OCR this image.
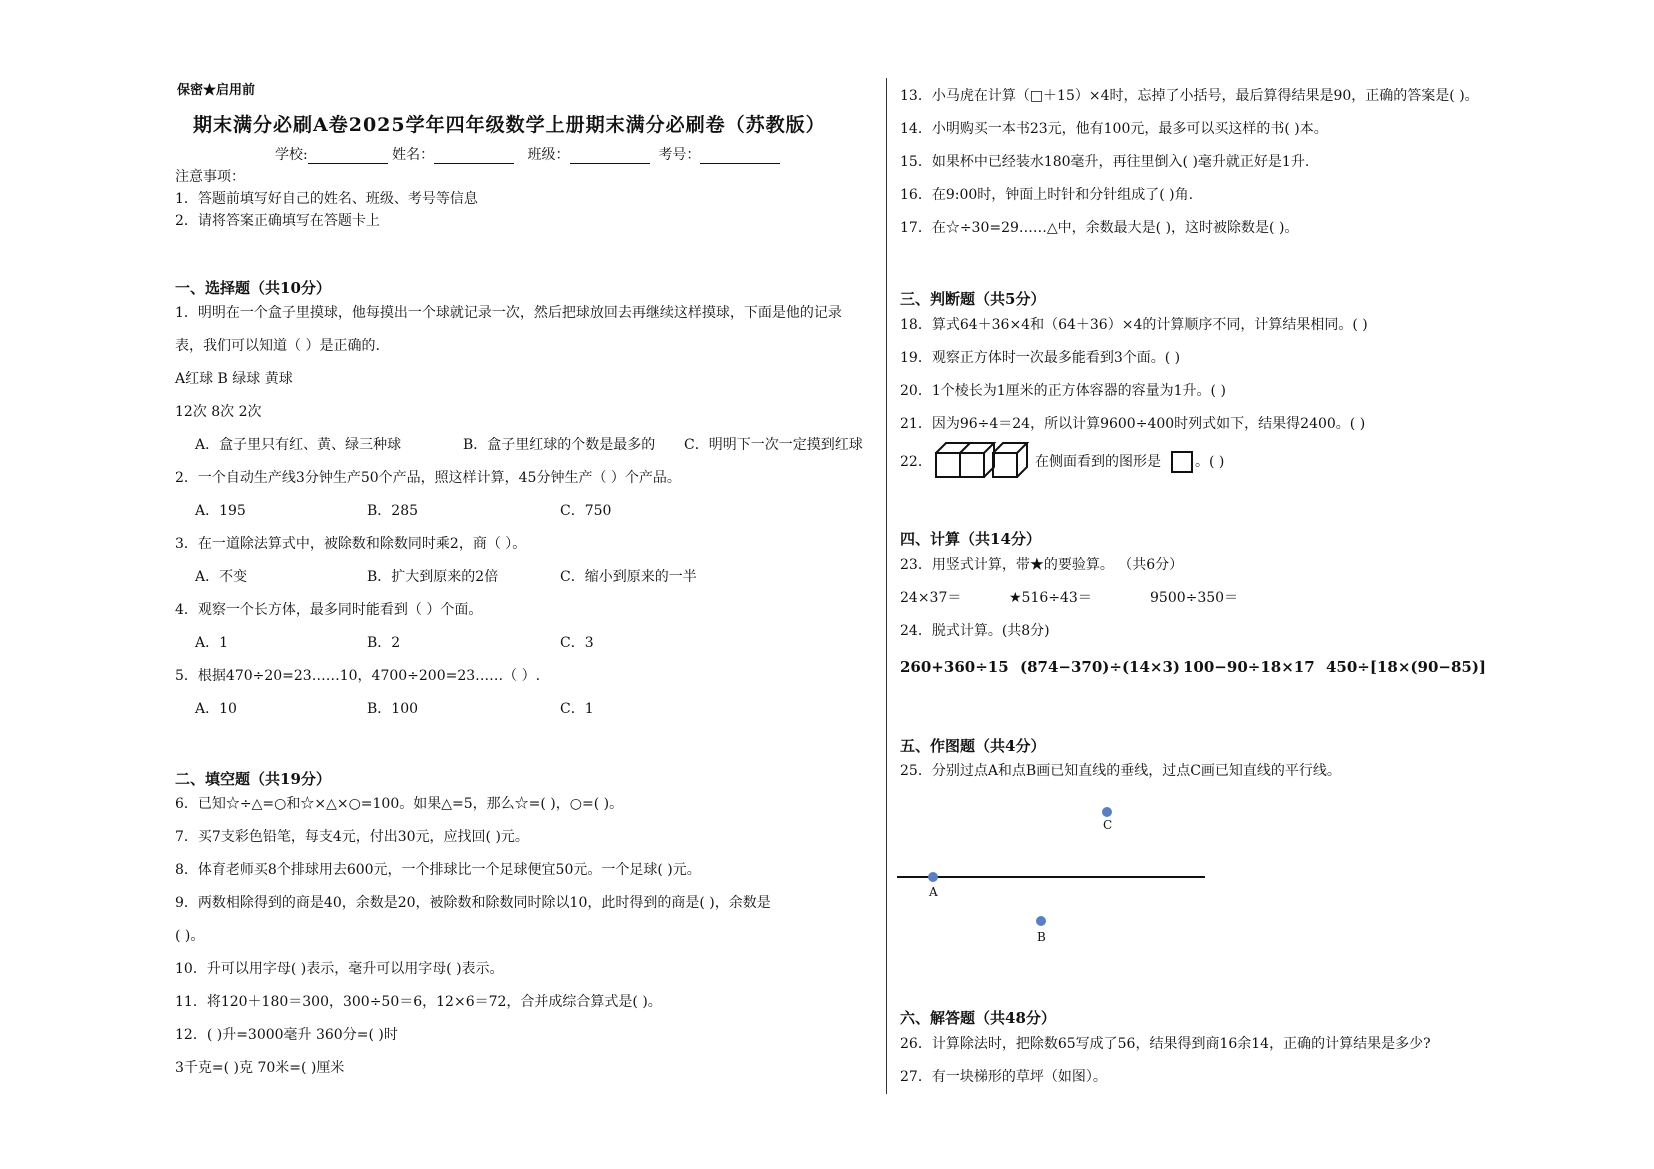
保密★启用前
期末满分必刷A卷2025学年四年级数学上册期末满分必刷卷（苏教版）
学校:	姓名：	班级：	考号：
注意事项：
1．答题前填写好自己的姓名、班级、考号等信息
2．请将答案正确填写在答题卡上
一、选择题（共10分）
1．明明在一个盒子里摸球，他每摸出一个球就记录一次，然后把球放回去再继续这样摸球，下面是他的记录
表，我们可以知道（ ）是正确的.
A红球 B 绿球 黄球
12次 8次 2次
A．盒子里只有红、黄、绿三种球	B．盒子里红球的个数是最多的 C．明明下一次一定摸到红球
2．一个自动生产线3分钟生产50个产品，照这样计算，45分钟生产（ ）个产品。
A．195	B．285	C．750
3．在一道除法算式中，被除数和除数同时乘2，商（ ）。
A．不变	B．扩大到原来的2倍	C．缩小到原来的一半
4．观察一个长方体，最多同时能看到（ ）个面。
A．1	B．2	C．3
5．根据470÷20=23……10，4700÷200=23……（ ）.
A．10	B．100	C．1
二、填空题（共19分）
6．已知☆÷△=○和☆×△×○=100。如果△=5，那么☆=( )，○=( )。
7．买7支彩色铅笔，每支4元，付出30元，应找回( )元。
8．体育老师买8个排球用去600元，一个排球比一个足球便宜50元。一个足球( )元。
9．两数相除得到的商是40，余数是20，被除数和除数同时除以10，此时得到的商是( )，余数是
( )。
10．升可以用字母( )表示，毫升可以用字母( )表示。
11．将120＋180＝300，300÷50＝6，12×6＝72，合并成综合算式是( )。
12．( )升=3000毫升 360分=( )时
3千克=( )克 70米=( )厘米
13．小马虎在计算（□＋15）×4时，忘掉了小括号，最后算得结果是90，正确的答案是( )。
14．小明购买一本书23元，他有100元，最多可以买这样的书( )本。
15．如果杯中已经装水180毫升，再往里倒入( )毫升就正好是1升.
16．在9:00时，钟面上时针和分针组成了( )角.
17．在☆÷30=29……△中，余数最大是( )，这时被除数是( )。
三、判断题（共5分）
18．算式64＋36×4和（64＋36）×4的计算顺序不同，计算结果相同。( )
19．观察正方体时一次最多能看到3个面。( )
20．1个棱长为1厘米的正方体容器的容量为1升。( )
21．因为96÷4＝24，所以计算9600÷400时列式如下，结果得2400。( )
22．	在侧面看到的图形是 。( )
四、计算（共14分）
23．用竖式计算，带★的要验算。 （共6分）
24×37＝	★516÷43＝	9500÷350＝
24．脱式计算。(共8分)
260+360÷15 (874−370)÷(14×3) 100−90÷18×17 450÷[18×(90−85)]
五、作图题（共4分）
25．分别过点A和点B画已知直线的垂线，过点C画已知直线的平行线。
A
B
C
六、解答题（共48分）
26．计算除法时，把除数65写成了56，结果得到商16余14，正确的计算结果是多少?
27．有一块梯形的草坪（如图）。
